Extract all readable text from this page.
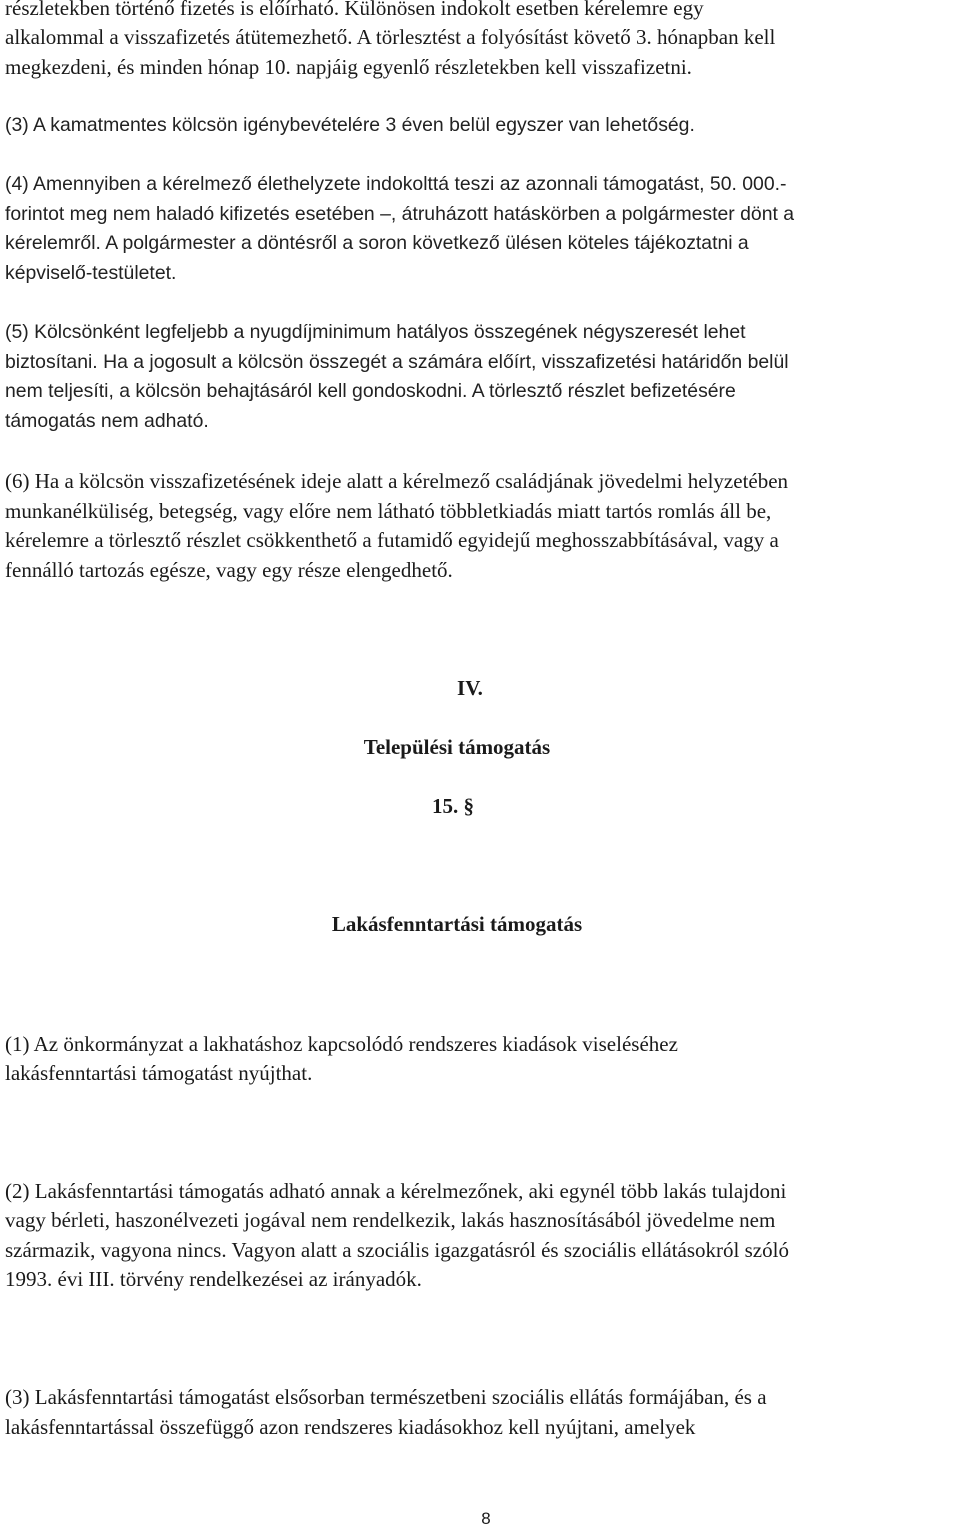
részletekben történő fizetés is előírható. Különösen indokolt esetben kérelemre egy
alkalommal a visszafizetés átütemezhető. A törlesztést a folyósítást követő 3. hónapban kell
megkezdeni, és minden hónap 10. napjáig egyenlő részletekben kell visszafizetni.
(3) A kamatmentes kölcsön igénybevételére 3 éven belül egyszer van lehetőség.
(4) Amennyiben a kérelmező élethelyzete indokolttá teszi az azonnali támogatást, 50. 000.-
forintot meg nem haladó kifizetés esetében –, átruházott hatáskörben a polgármester dönt a
kérelemről. A polgármester a döntésről a soron következő ülésen köteles tájékoztatni a
képviselő-testületet.
(5) Kölcsönként legfeljebb a nyugdíjminimum hatályos összegének négyszeresét lehet
biztosítani. Ha a jogosult a kölcsön összegét a számára előírt, visszafizetési határidőn belül
nem teljesíti, a kölcsön behajtásáról kell gondoskodni. A törlesztő részlet befizetésére
támogatás nem adható.
(6) Ha a kölcsön visszafizetésének ideje alatt a kérelmező családjának jövedelmi helyzetében
munkanélküliség, betegség, vagy előre nem látható többletkiadás miatt tartós romlás áll be,
kérelemre a törlesztő részlet csökkenthető a futamidő egyidejű meghosszabbításával, vagy a
fennálló tartozás egésze, vagy egy része elengedhető.
IV.
Települési támogatás
15. §
Lakásfenntartási támogatás
(1) Az önkormányzat a lakhatáshoz kapcsolódó rendszeres kiadások viseléséhez
lakásfenntartási támogatást nyújthat.
(2) Lakásfenntartási támogatás adható annak a kérelmezőnek, aki egynél több lakás tulajdoni
vagy bérleti, haszonélvezeti jogával nem rendelkezik, lakás hasznosításából jövedelme nem
származik, vagyona nincs. Vagyon alatt a szociális igazgatásról és szociális ellátásokról szóló
1993. évi III. törvény rendelkezései az irányadók.
(3) Lakásfenntartási támogatást elsősorban természetbeni szociális ellátás formájában, és a
lakásfenntartással összefüggő azon rendszeres kiadásokhoz kell nyújtani, amelyek
8
